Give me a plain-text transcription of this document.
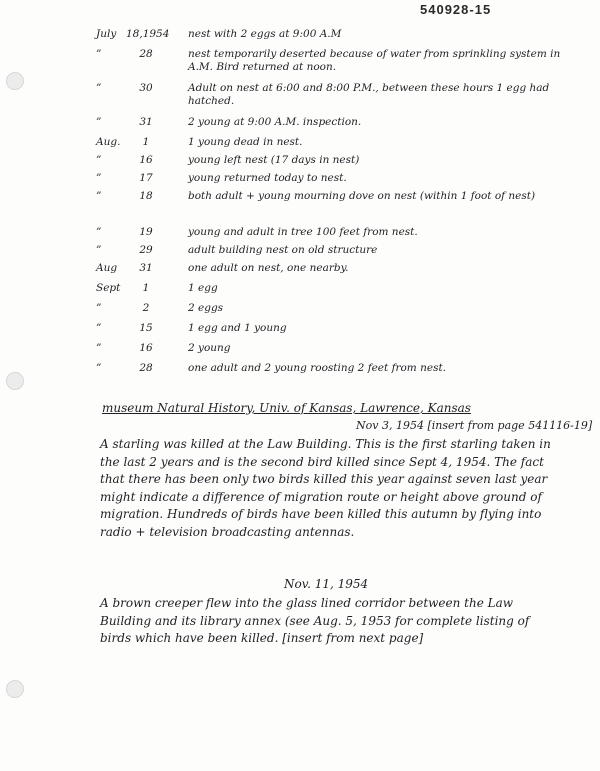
540928-15
July 18,1954	nest with 2 eggs at 9:00 A.M
”	28	nest temporarily deserted because of water from sprinkling system in A.M. Bird returned at noon.
”	30	Adult on nest at 6:00 and 8:00 P.M., between these hours 1 egg had hatched.
”	31	2 young at 9:00 A.M. inspection.
Aug. 1	1 young dead in nest.
”	16	young left nest (17 days in nest)
”	17	young returned today to nest.
”	18	both adult + young mourning dove on nest (within 1 foot of nest)
”	19	young and adult in tree 100 feet from nest.
”	29	adult building nest on old structure
Aug 31	one adult on nest, one nearby.
Sept 1	1 egg
”	2	2 eggs
”	15	1 egg and 1 young
”	16	2 young
”	28	one adult and 2 young roosting 2 feet from nest.
museum Natural History, Univ. of Kansas, Lawrence, Kansas
Nov 3, 1954 [insert from page 541116-19]
A starling was killed at the Law Building. This is the first starling taken in the last 2 years and is the second bird killed since Sept 4, 1954. The fact that there has been only two birds killed this year against seven last year might indicate a difference of migration route or height above ground of migration. Hundreds of birds have been killed this autumn by flying into radio + television broadcasting antennas.
Nov. 11, 1954
A brown creeper flew into the glass lined corridor between the Law Building and its library annex (see Aug. 5, 1953 for complete listing of birds which have been killed. [insert from next page]
